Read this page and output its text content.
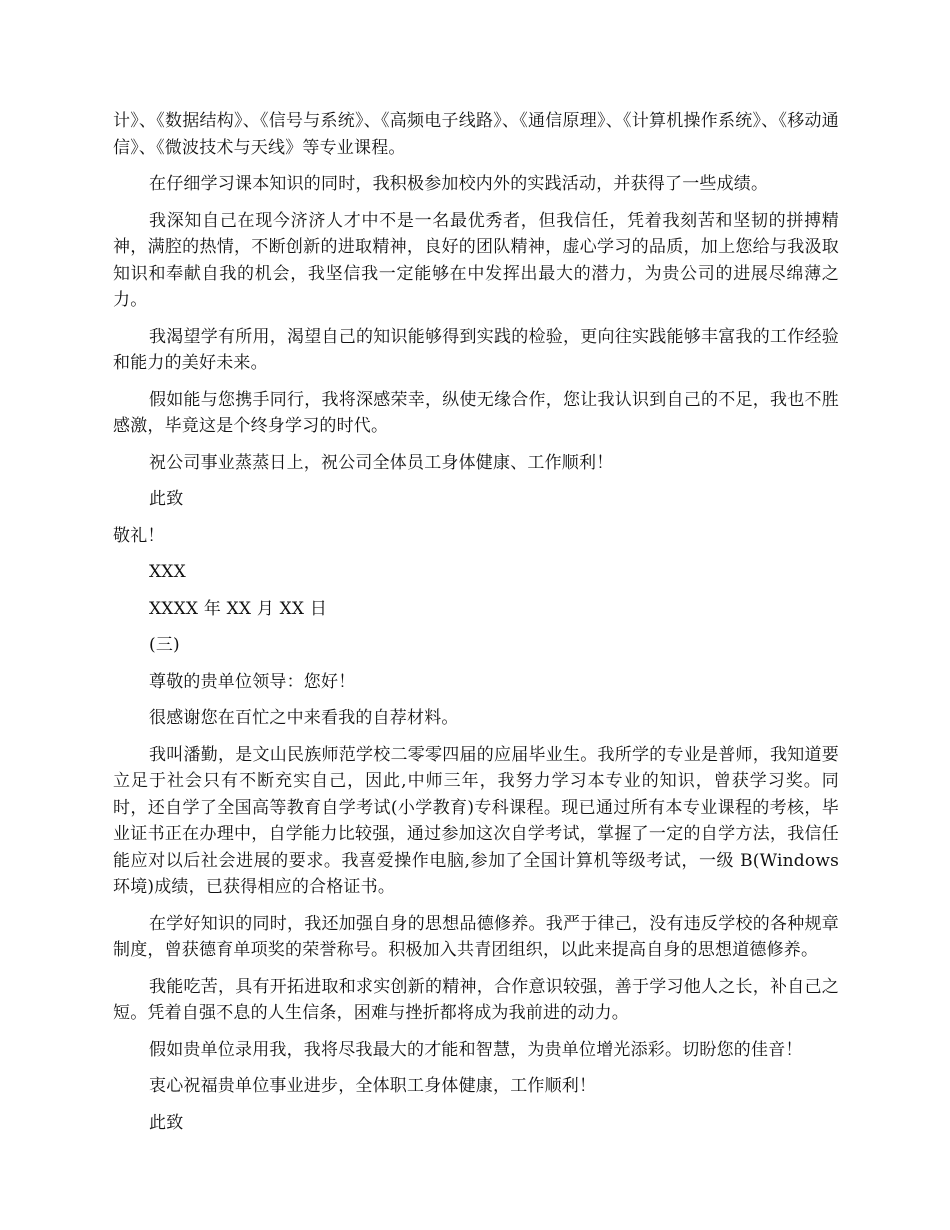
计》、《数据结构》、《信号与系统》、《高频电子线路》、《通信原理》、《计算机操作系统》、《移动通信》、《微波技术与天线》等专业课程。

在仔细学习课本知识的同时，我积极参加校内外的实践活动，并获得了一些成绩。

我深知自己在现今济济人才中不是一名最优秀者，但我信任，凭着我刻苦和坚韧的拼搏精神，满腔的热情，不断创新的进取精神，良好的团队精神，虚心学习的品质，加上您给与我汲取知识和奉献自我的机会，我坚信我一定能够在中发挥出最大的潜力，为贵公司的进展尽绵薄之力。

我渴望学有所用，渴望自己的知识能够得到实践的检验，更向往实践能够丰富我的工作经验和能力的美好未来。

假如能与您携手同行，我将深感荣幸，纵使无缘合作，您让我认识到自己的不足，我也不胜感激，毕竟这是个终身学习的时代。

祝公司事业蒸蒸日上，祝公司全体员工身体健康、工作顺利！

此致

敬礼！

XXX

XXXX 年 XX 月 XX 日

(三)

尊敬的贵单位领导：您好！

很感谢您在百忙之中来看我的自荐材料。

我叫潘勤，是文山民族师范学校二零零四届的应届毕业生。我所学的专业是普师，我知道要立足于社会只有不断充实自己，因此,中师三年，我努力学习本专业的知识，曾获学习奖。同时，还自学了全国高等教育自学考试(小学教育)专科课程。现已通过所有本专业课程的考核，毕业证书正在办理中，自学能力比较强，通过参加这次自学考试，掌握了一定的自学方法，我信任能应对以后社会进展的要求。我喜爱操作电脑,参加了全国计算机等级考试，一级 B(Windows 环境)成绩，已获得相应的合格证书。

在学好知识的同时，我还加强自身的思想品德修养。我严于律己，没有违反学校的各种规章制度，曾获德育单项奖的荣誉称号。积极加入共青团组织，以此来提高自身的思想道德修养。

我能吃苦，具有开拓进取和求实创新的精神，合作意识较强，善于学习他人之长，补自己之短。凭着自强不息的人生信条，困难与挫折都将成为我前进的动力。

假如贵单位录用我，我将尽我最大的才能和智慧，为贵单位增光添彩。切盼您的佳音！

衷心祝福贵单位事业进步，全体职工身体健康，工作顺利！

此致
